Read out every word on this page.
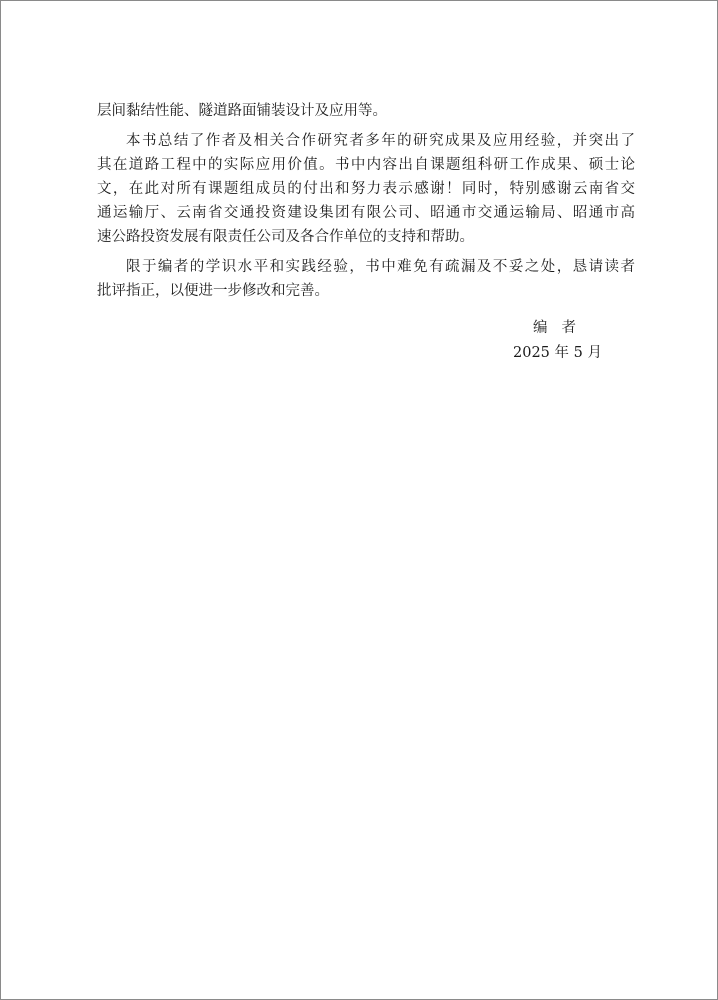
层间黏结性能、隧道路面铺装设计及应用等。
本书总结了作者及相关合作研究者多年的研究成果及应用经验，并突出了
其在道路工程中的实际应用价值。书中内容出自课题组科研工作成果、硕士论
文，在此对所有课题组成员的付出和努力表示感谢！同时，特别感谢云南省交
通运输厅、云南省交通投资建设集团有限公司、昭通市交通运输局、昭通市高
速公路投资发展有限责任公司及各合作单位的支持和帮助。
限于编者的学识水平和实践经验，书中难免有疏漏及不妥之处，恳请读者
批评指正，以便进一步修改和完善。
编者
2025 年 5 月
